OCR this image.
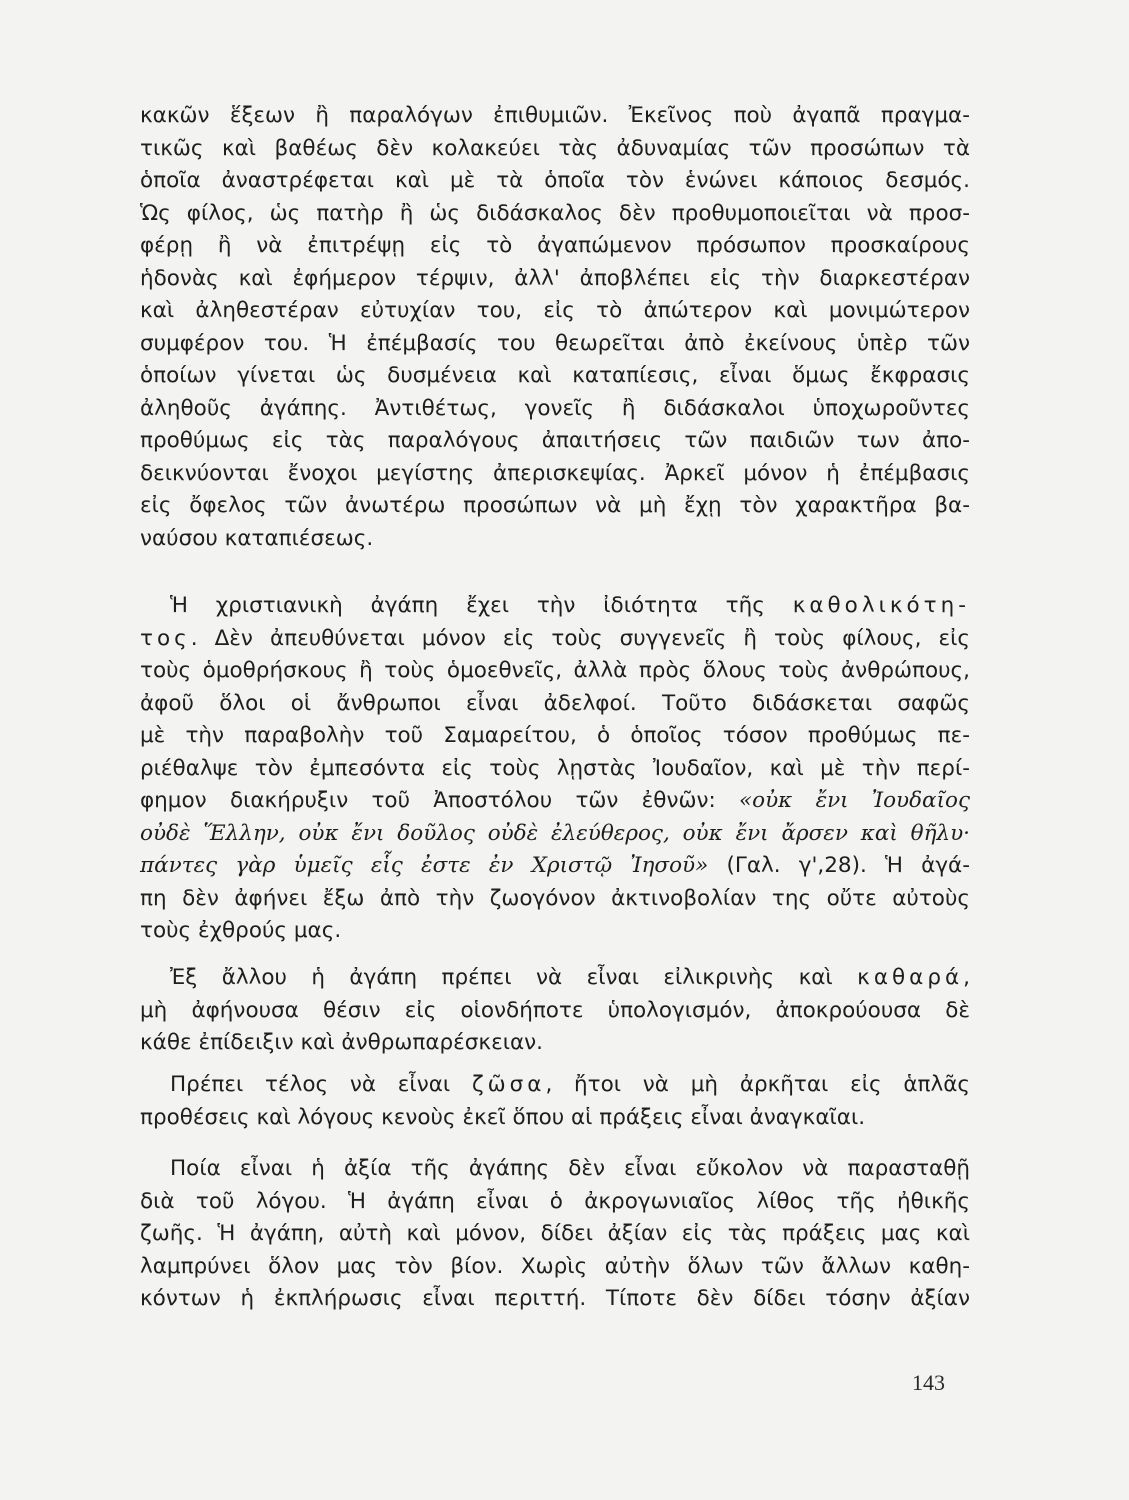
κακῶν ἕξεων ἢ παραλόγων ἐπιθυμιῶν. Ἐκεῖνος ποὺ ἀγαπᾶ πραγμα-
τικῶς καὶ βαθέως δὲν κολακεύει τὰς ἀδυναμίας τῶν προσώπων τὰ
ὁποῖα ἀναστρέφεται καὶ μὲ τὰ ὁποῖα τὸν ἑνώνει κάποιος δεσμός.
Ὡς φίλος, ὡς πατὴρ ἢ ὡς διδάσκαλος δὲν προθυμοποιεῖται νὰ προσ-
φέρῃ ἢ νὰ ἐπιτρέψῃ εἰς τὸ ἀγαπώμενον πρόσωπον προσκαίρους
ἡδονὰς καὶ ἐφήμερον τέρψιν, ἀλλ' ἀποβλέπει εἰς τὴν διαρκεστέραν
καὶ ἀληθεστέραν εὐτυχίαν του, εἰς τὸ ἀπώτερον καὶ μονιμώτερον
συμφέρον του. Ἡ ἐπέμβασίς του θεωρεῖται ἀπὸ ἐκείνους ὑπὲρ τῶν
ὁποίων γίνεται ὡς δυσμένεια καὶ καταπίεσις, εἶναι ὅμως ἔκφρασις
ἀληθοῦς ἀγάπης. Ἀντιθέτως, γονεῖς ἢ διδάσκαλοι ὑποχωροῦντες
προθύμως εἰς τὰς παραλόγους ἀπαιτήσεις τῶν παιδιῶν των ἀπο-
δεικνύονται ἔνοχοι μεγίστης ἀπερισκεψίας. Ἀρκεῖ μόνον ἡ ἐπέμβασις
εἰς ὄφελος τῶν ἀνωτέρω προσώπων νὰ μὴ ἔχῃ τὸν χαρακτῆρα βα-
ναύσου καταπιέσεως.
Ἡ χριστιανικὴ ἀγάπη ἔχει τὴν ἰδιότητα τῆς καθολικότη-
τος. Δὲν ἀπευθύνεται μόνον εἰς τοὺς συγγενεῖς ἢ τοὺς φίλους, εἰς
τοὺς ὁμοθρήσκους ἢ τοὺς ὁμοεθνεῖς, ἀλλὰ πρὸς ὅλους τοὺς ἀνθρώπους,
ἀφοῦ ὅλοι οἱ ἄνθρωποι εἶναι ἀδελφοί. Τοῦτο διδάσκεται σαφῶς
μὲ τὴν παραβολὴν τοῦ Σαμαρείτου, ὁ ὁποῖος τόσον προθύμως πε-
ριέθαλψε τὸν ἐμπεσόντα εἰς τοὺς λῃστὰς Ἰουδαῖον, καὶ μὲ τὴν περί-
φημον διακήρυξιν τοῦ Ἀποστόλου τῶν ἐθνῶν: «οὐκ ἔνι Ἰουδαῖος
οὐδὲ Ἕλλην, οὐκ ἔνι δοῦλος οὐδὲ ἐλεύθερος, οὐκ ἔνι ἄρσεν καὶ θῆλυ·
πάντες γὰρ ὑμεῖς εἷς ἐστε ἐν Χριστῷ Ἰησοῦ» (Γαλ. γ',28). Ἡ ἀγά-
πη δὲν ἀφήνει ἔξω ἀπὸ τὴν ζωογόνον ἀκτινοβολίαν της οὔτε αὐτοὺς
τοὺς ἐχθρούς μας.
Ἐξ ἄλλου ἡ ἀγάπη πρέπει νὰ εἶναι εἰλικρινὴς καὶ καθαρά,
μὴ ἀφήνουσα θέσιν εἰς οἱονδήποτε ὑπολογισμόν, ἀποκρούουσα δὲ
κάθε ἐπίδειξιν καὶ ἀνθρωπαρέσκειαν.
Πρέπει τέλος νὰ εἶναι ζῶσα, ἤτοι νὰ μὴ ἀρκῆται εἰς ἁπλᾶς
προθέσεις καὶ λόγους κενοὺς ἐκεῖ ὅπου αἱ πράξεις εἶναι ἀναγκαῖαι.
Ποία εἶναι ἡ ἀξία τῆς ἀγάπης δὲν εἶναι εὔκολον νὰ παρασταθῇ
διὰ τοῦ λόγου. Ἡ ἀγάπη εἶναι ὁ ἀκρογωνιαῖος λίθος τῆς ἠθικῆς
ζωῆς. Ἡ ἀγάπη, αὐτὴ καὶ μόνον, δίδει ἀξίαν εἰς τὰς πράξεις μας καὶ
λαμπρύνει ὅλον μας τὸν βίον. Χωρὶς αὐτὴν ὅλων τῶν ἄλλων καθη-
κόντων ἡ ἐκπλήρωσις εἶναι περιττή. Τίποτε δὲν δίδει τόσην ἀξίαν
143
